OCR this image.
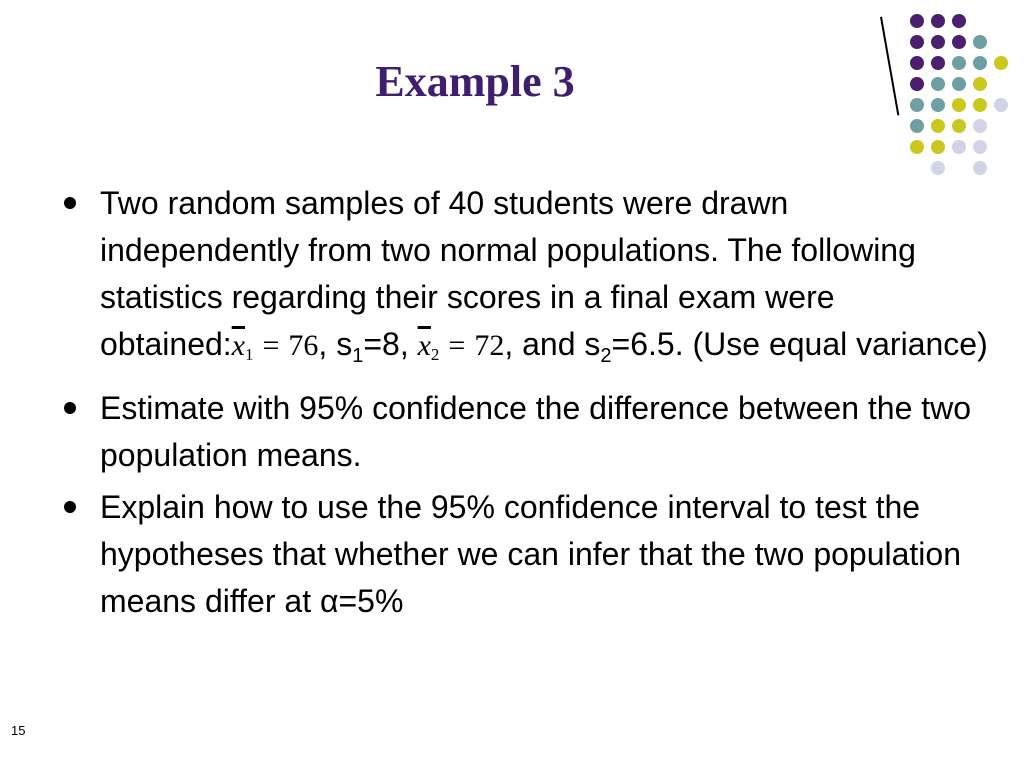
Example 3
Two random samples of 40 students were drawn independently from two normal populations. The following statistics regarding their scores in a final exam were $obtained:\overline{x}_1 = 76$, $s_1=8$, $\overline{x}_2 = 72$, and $s_2=6.5$. (Use equal variance)
Estimate with 95% confidence the difference between the two population means.
Explain how to use the 95% confidence interval to test the hypotheses that whether we can infer that the two population means differ at α=5%
15
